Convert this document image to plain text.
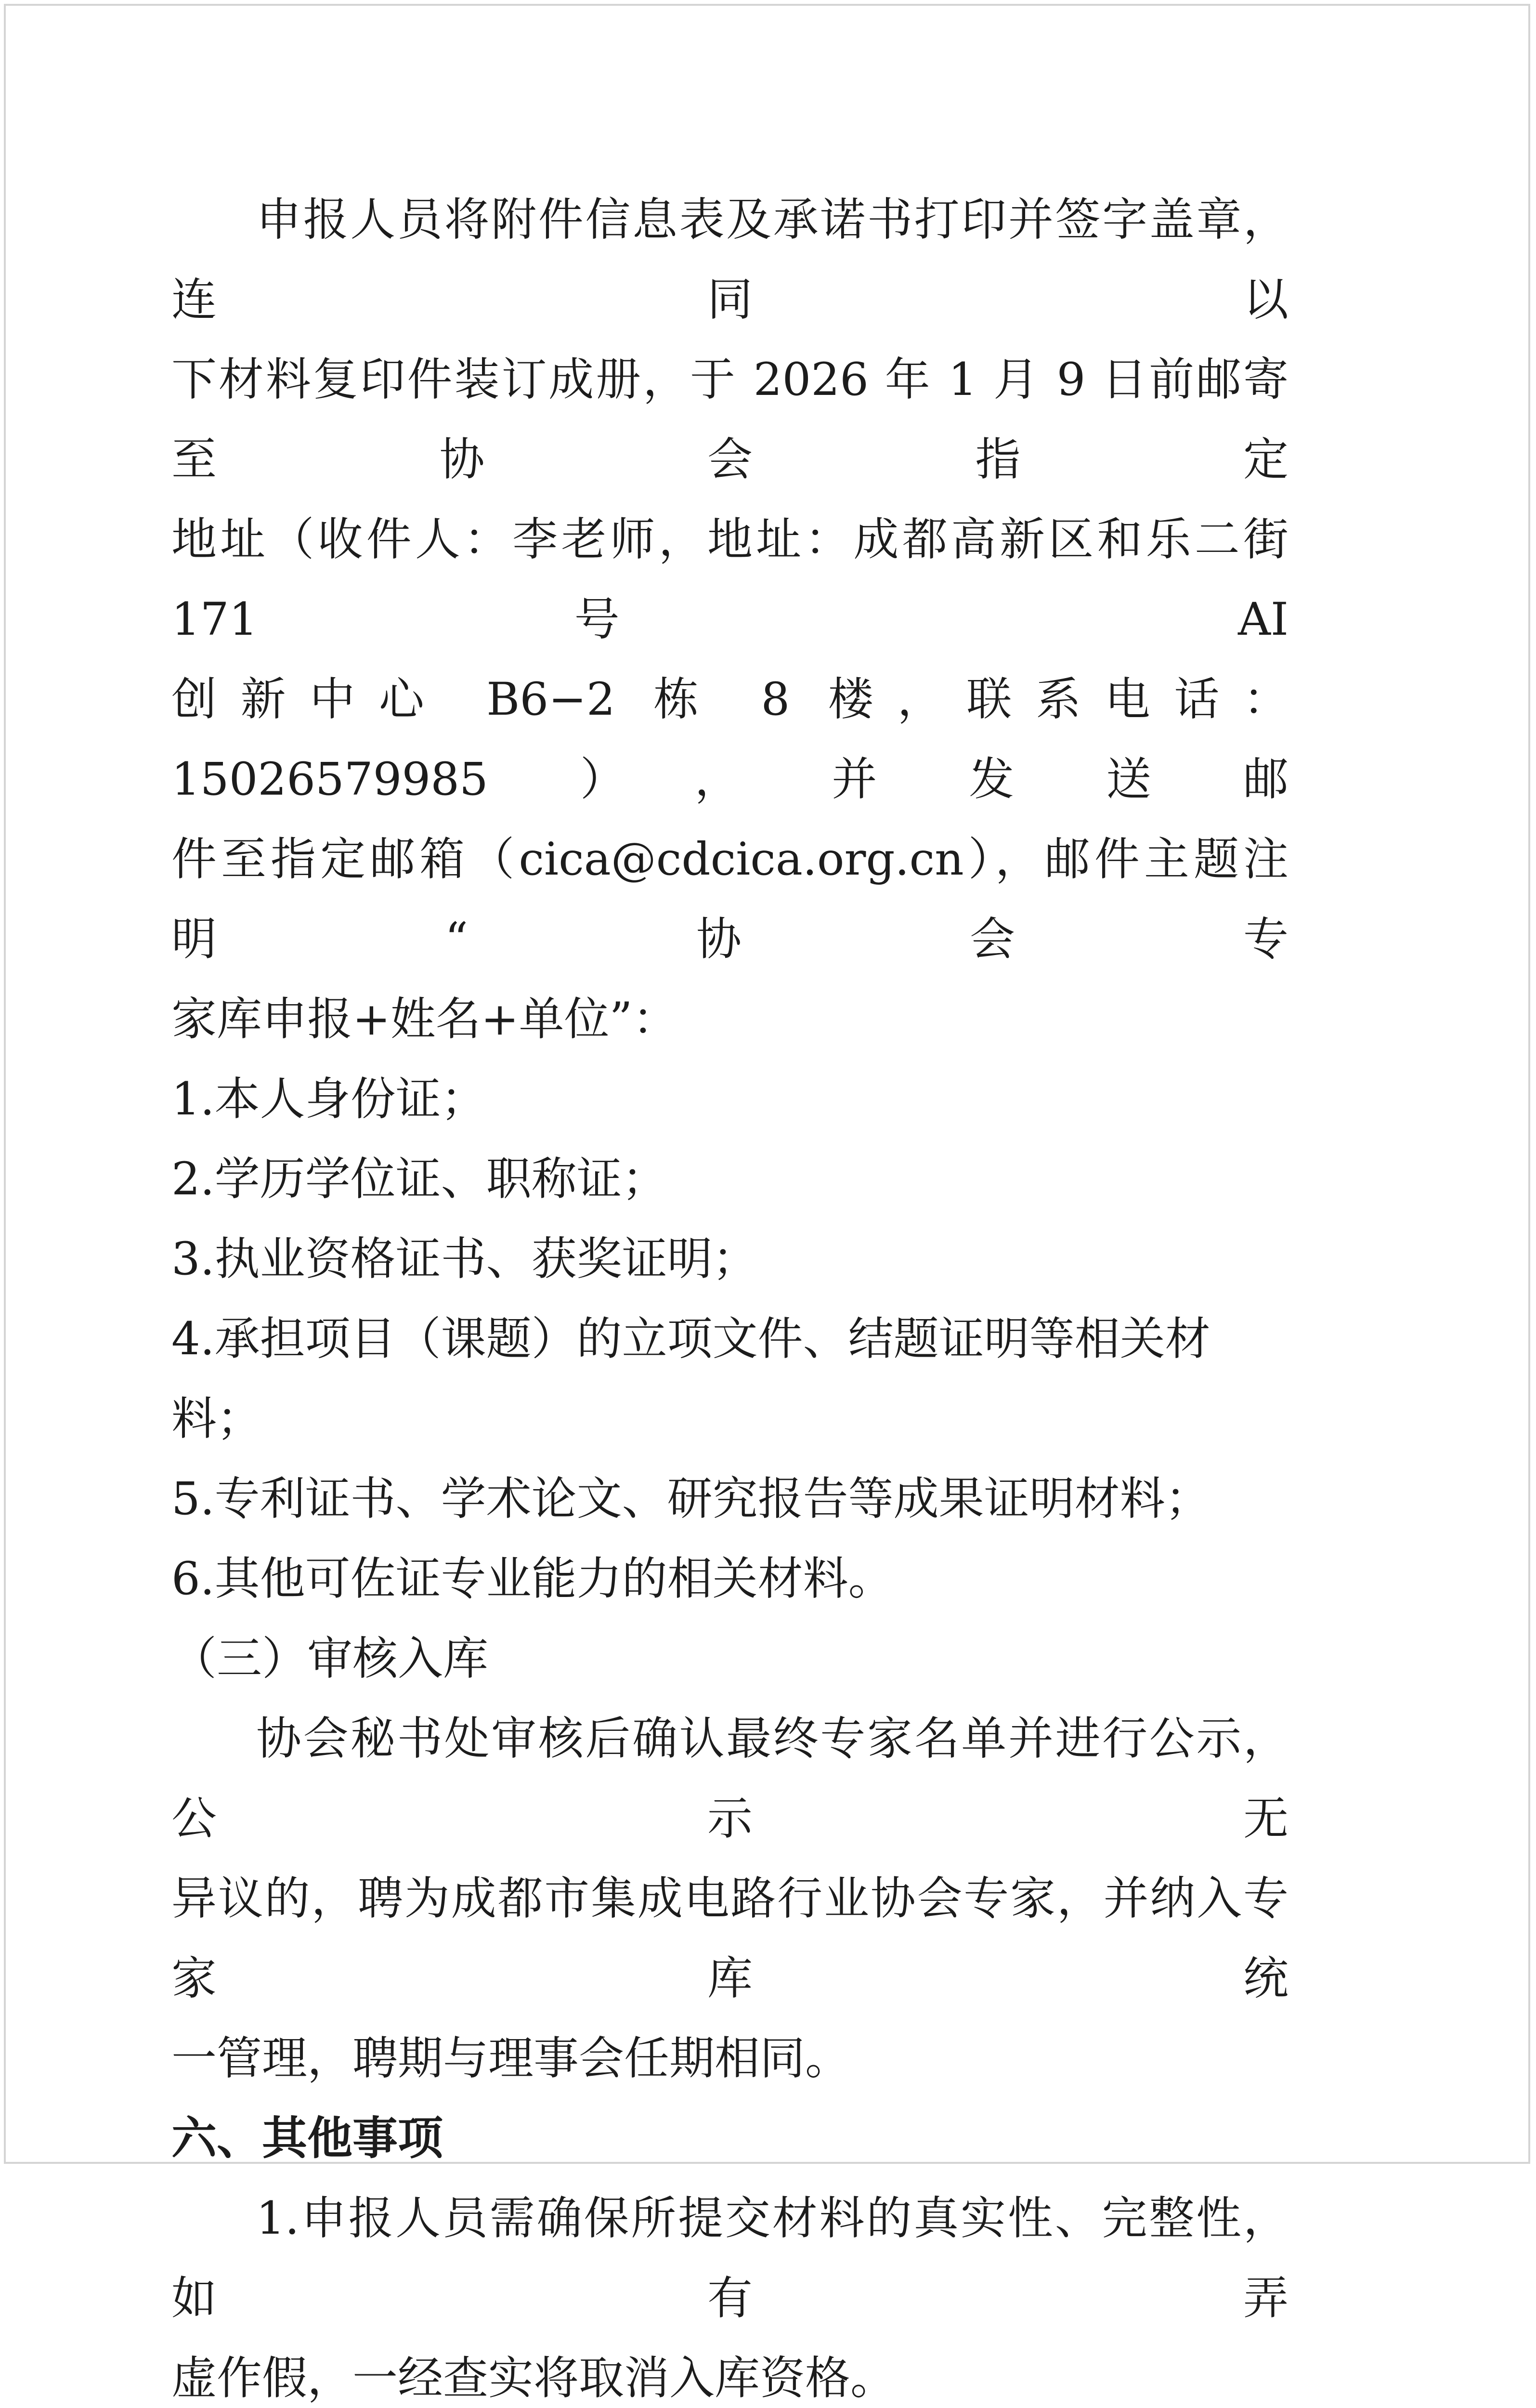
申报人员将附件信息表及承诺书打印并签字盖章，连同以

下材料复印件装订成册，于 2026 年 1 月 9 日前邮寄至协会指定

地址（收件人：李老师，地址：成都高新区和乐二街 171 号 AI

创新中心 B6−2 栋 8 楼，联系电话：15026579985），并发送邮

件至指定邮箱（cica@cdcica.org.cn），邮件主题注明“协会专

家库申报+姓名+单位”：

1.本人身份证；

2.学历学位证、职称证；

3.执业资格证书、获奖证明；

4.承担项目（课题）的立项文件、结题证明等相关材料；

5.专利证书、学术论文、研究报告等成果证明材料；

6.其他可佐证专业能力的相关材料。

（三）审核入库

协会秘书处审核后确认最终专家名单并进行公示，公示无

异议的，聘为成都市集成电路行业协会专家，并纳入专家库统

一管理，聘期与理事会任期相同。

六、其他事项

1.申报人员需确保所提交材料的真实性、完整性，如有弄

虚作假，一经查实将取消入库资格。
